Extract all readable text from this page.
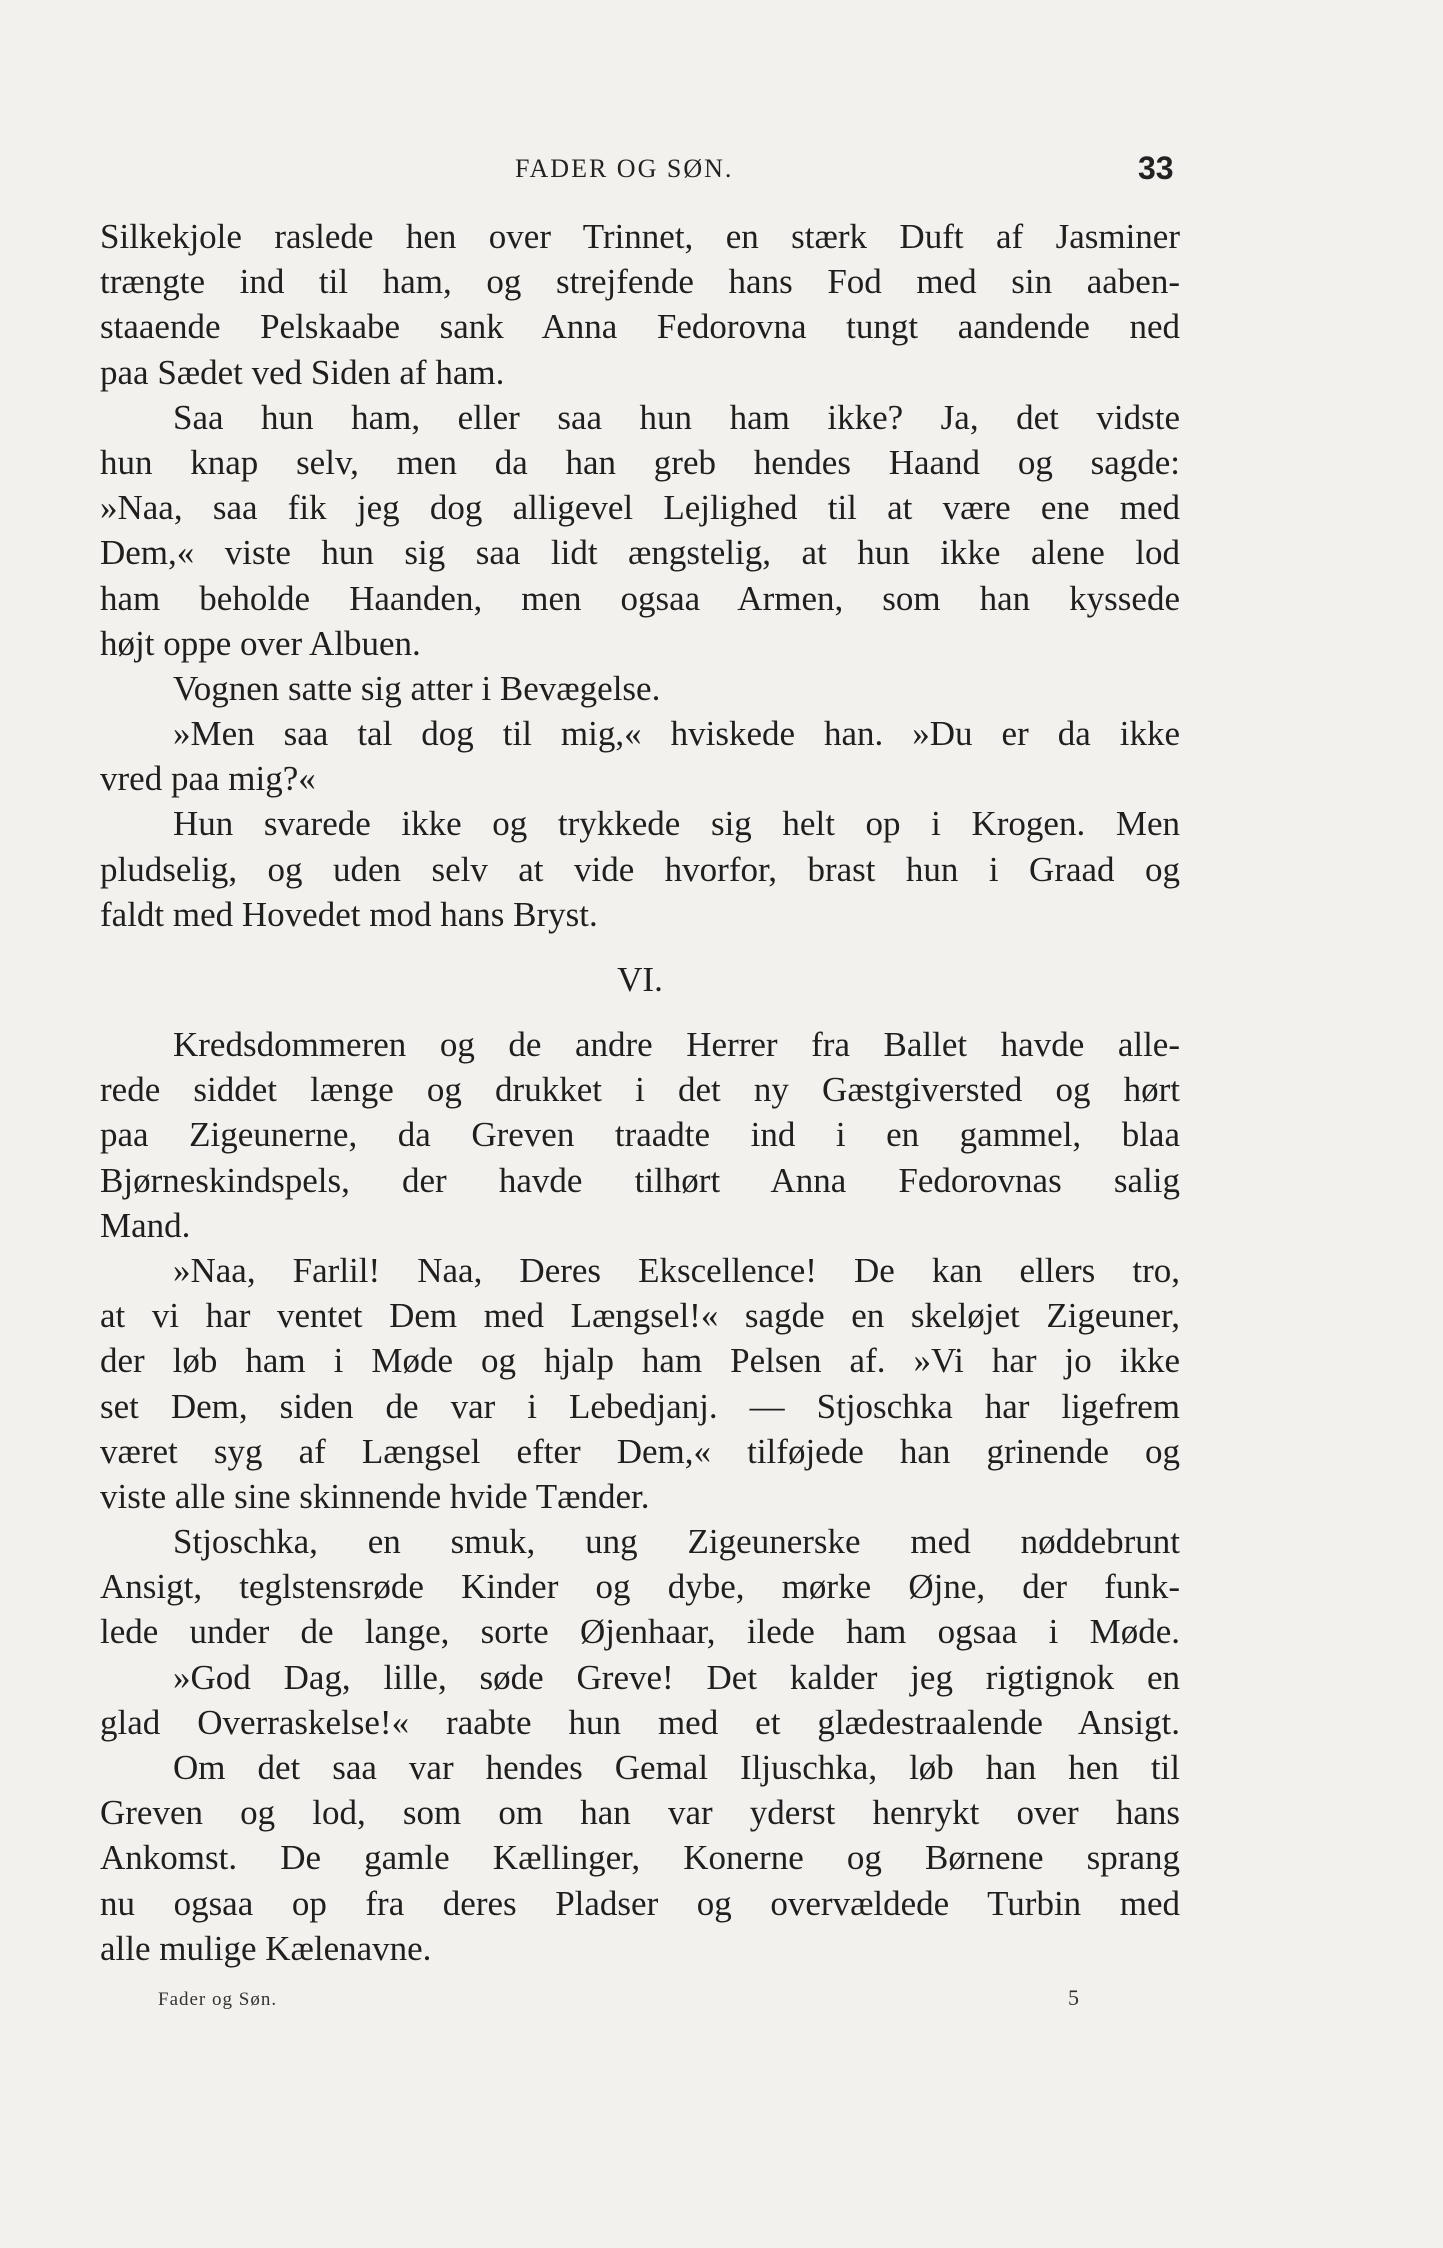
FADER OG SØN.	33
Silkekjole raslede hen over Trinnet, en stærk Duft af Jasminer
trængte ind til ham, og strejfende hans Fod med sin aaben-
staaende Pelskaabe sank Anna Fedorovna tungt aandende ned
paa Sædet ved Siden af ham.
Saa hun ham, eller saa hun ham ikke? Ja, det vidste
hun knap selv, men da han greb hendes Haand og sagde:
»Naa, saa fik jeg dog alligevel Lejlighed til at være ene med
Dem,« viste hun sig saa lidt ængstelig, at hun ikke alene lod
ham beholde Haanden, men ogsaa Armen, som han kyssede
højt oppe over Albuen.
Vognen satte sig atter i Bevægelse.
»Men saa tal dog til mig,« hviskede han. »Du er da ikke
vred paa mig?«
Hun svarede ikke og trykkede sig helt op i Krogen. Men
pludselig, og uden selv at vide hvorfor, brast hun i Graad og
faldt med Hovedet mod hans Bryst.
VI.
Kredsdommeren og de andre Herrer fra Ballet havde alle-
rede siddet længe og drukket i det ny Gæstgiversted og hørt
paa Zigeunerne, da Greven traadte ind i en gammel, blaa
Bjørneskindspels, der havde tilhørt Anna Fedorovnas salig
Mand.
»Naa, Farlil! Naa, Deres Ekscellence! De kan ellers tro,
at vi har ventet Dem med Længsel!« sagde en skeløjet Zigeuner,
der løb ham i Møde og hjalp ham Pelsen af. »Vi har jo ikke
set Dem, siden de var i Lebedjanj. — Stjoschka har ligefrem
været syg af Længsel efter Dem,« tilføjede han grinende og
viste alle sine skinnende hvide Tænder.
Stjoschka, en smuk, ung Zigeunerske med nøddebrunt
Ansigt, teglstensrøde Kinder og dybe, mørke Øjne, der funk-
lede under de lange, sorte Øjenhaar, ilede ham ogsaa i Møde.
»God Dag, lille, søde Greve! Det kalder jeg rigtignok en
glad Overraskelse!« raabte hun med et glædestraalende Ansigt.
Om det saa var hendes Gemal Iljuschka, løb han hen til
Greven og lod, som om han var yderst henrykt over hans
Ankomst. De gamle Kællinger, Konerne og Børnene sprang
nu ogsaa op fra deres Pladser og overvældede Turbin med
alle mulige Kælenavne.
Fader og Søn.	5
